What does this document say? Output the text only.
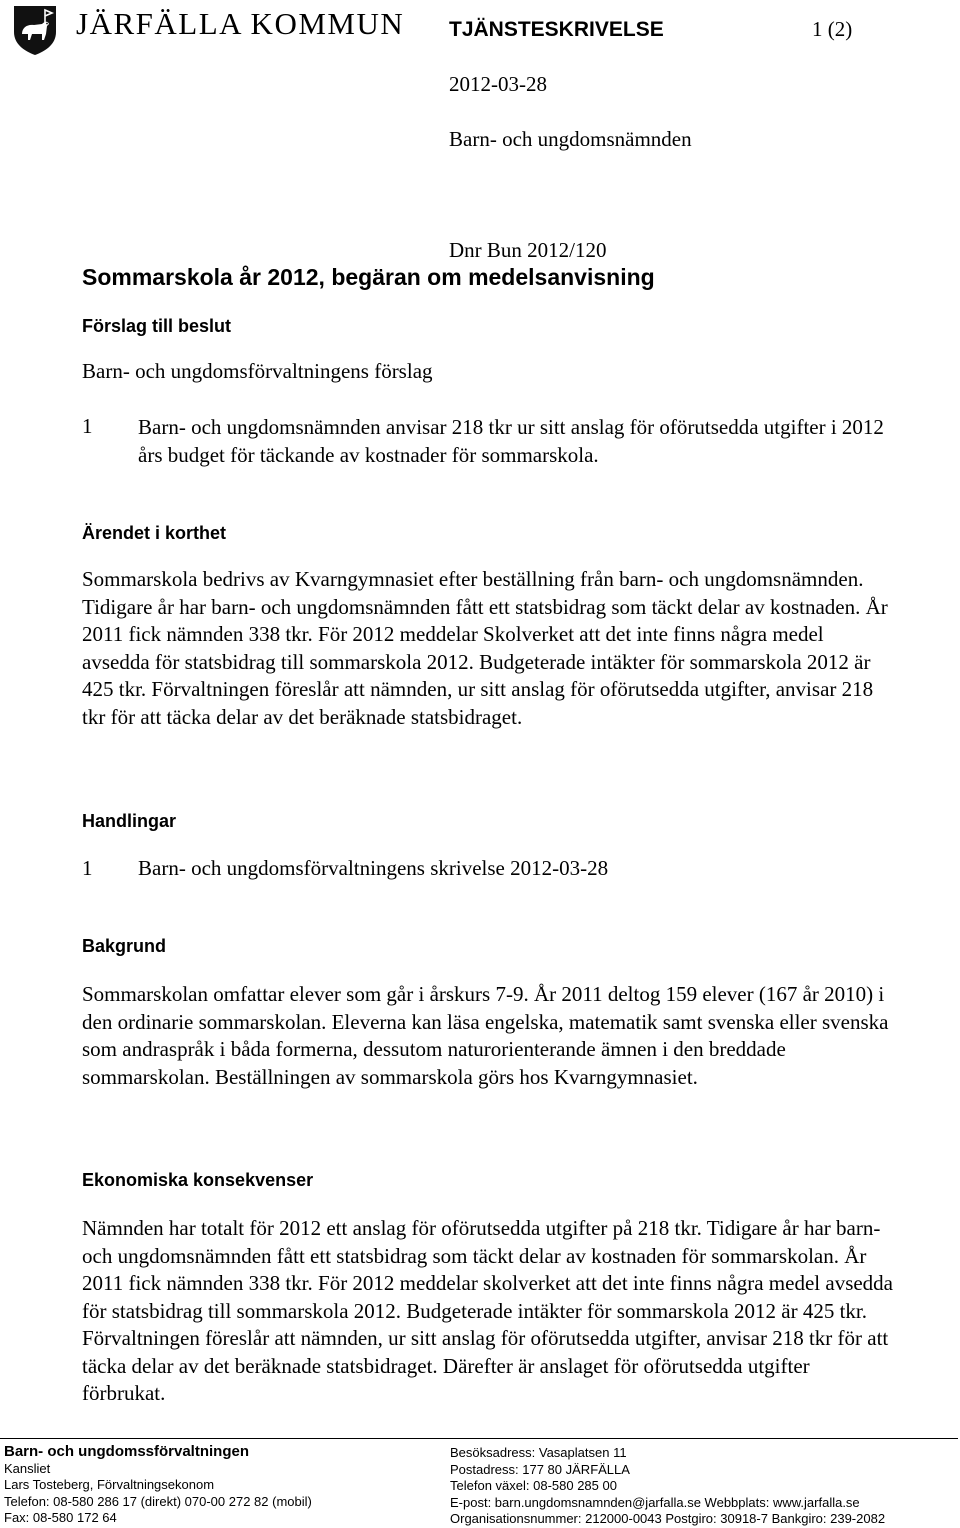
JÄRFÄLLA KOMMUN TJÄNSTESKRIVELSE	1 (2)
2012-03-28
Barn- och ungdomsnämnden
Dnr Bun 2012/120
Sommarskola år 2012, begäran om medelsanvisning
Förslag till beslut
Barn- och ungdomsförvaltningens förslag
1 Barn- och ungdomsnämnden anvisar 218 tkr ur sitt anslag för oförutsedda utgifter i 2012 års budget för täckande av kostnader för sommarskola.
Ärendet i korthet
Sommarskola bedrivs av Kvarngymnasiet efter beställning från barn- och ungdomsnämnden. Tidigare år har barn- och ungdomsnämnden fått ett statsbidrag som täckt delar av kostnaden. År 2011 fick nämnden 338 tkr. För 2012 meddelar Skolverket att det inte finns några medel avsedda för statsbidrag till sommarskola 2012. Budgeterade intäkter för sommarskola 2012 är 425 tkr. Förvaltningen föreslår att nämnden, ur sitt anslag för oförutsedda utgifter, anvisar 218 tkr för att täcka delar av det beräknade statsbidraget.
Handlingar
1 Barn- och ungdomsförvaltningens skrivelse 2012-03-28
Bakgrund
Sommarskolan omfattar elever som går i årskurs 7-9. År 2011 deltog 159 elever (167 år 2010) i den ordinarie sommarskolan. Eleverna kan läsa engelska, matematik samt svenska eller svenska som andraspråk i båda formerna, dessutom naturorienterande ämnen i den breddade sommarskolan. Beställningen av sommarskola görs hos Kvarngymnasiet.
Ekonomiska konsekvenser
Nämnden har totalt för 2012 ett anslag för oförutsedda utgifter på 218 tkr. Tidigare år har barn- och ungdomsnämnden fått ett statsbidrag som täckt delar av kostnaden för sommarskolan. År 2011 fick nämnden 338 tkr. För 2012 meddelar skolverket att det inte finns några medel avsedda för statsbidrag till sommarskola 2012. Budgeterade intäkter för sommarskola 2012 är 425 tkr. Förvaltningen föreslår att nämnden, ur sitt anslag för oförutsedda utgifter, anvisar 218 tkr för att täcka delar av det beräknade statsbidraget. Därefter är anslaget för oförutsedda utgifter förbrukat.
Barn- och ungdomssförvaltningen
Kansliet
Lars Tosteberg, Förvaltningsekonom
Telefon: 08-580 286 17 (direkt) 070-00 272 82 (mobil)
Fax: 08-580 172 64
Besöksadress: Vasaplatsen 11
Postadress: 177 80 JÄRFÄLLA
Telefon växel: 08-580 285 00
E-post: barn.ungdomsnamnden@jarfalla.se Webbplats: www.jarfalla.se
Organisationsnummer: 212000-0043 Postgiro: 30918-7 Bankgiro: 239-2082
